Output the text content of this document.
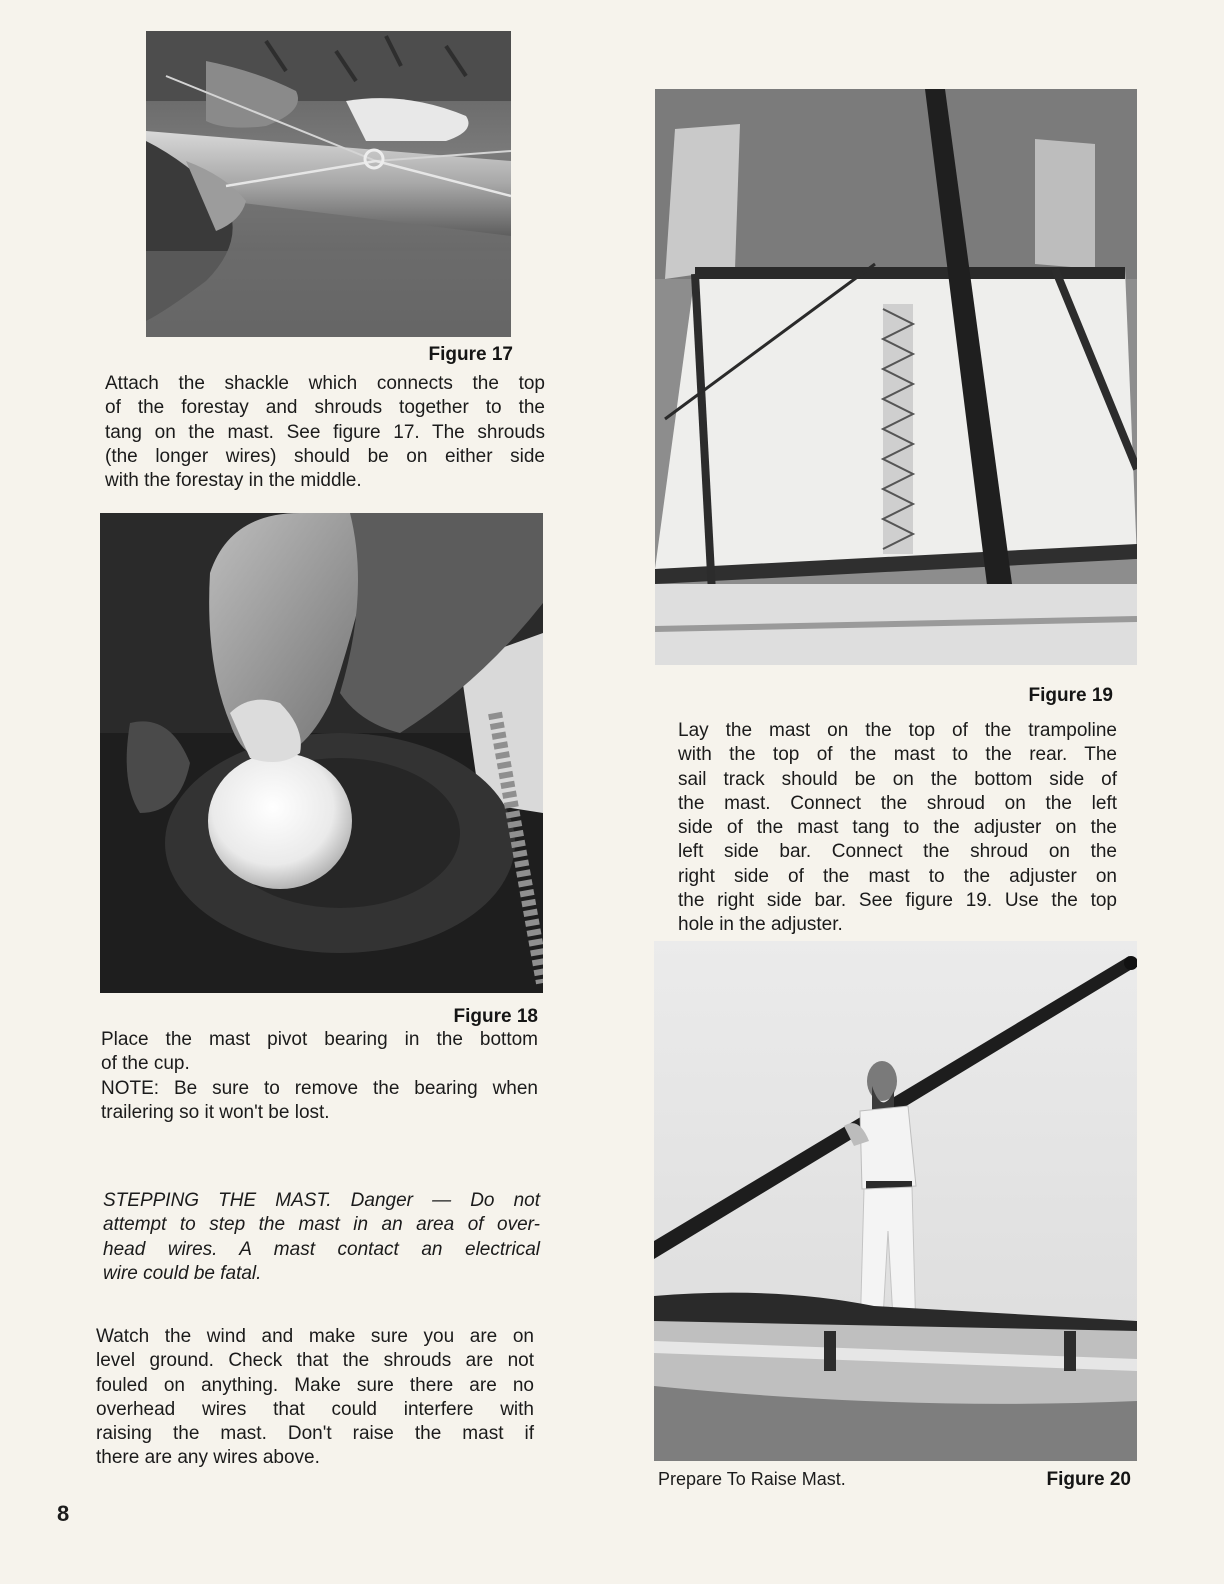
Figure 17
Attach the shackle which connects the top
of the forestay and shrouds together to the
tang on the mast. See figure 17. The shrouds
(the longer wires) should be on either side
with the forestay in the middle.
Figure 18
Place the mast pivot bearing in the bottom
of the cup.
NOTE: Be sure to remove the bearing when
trailering so it won't be lost.
STEPPING THE MAST. Danger — Do not
attempt to step the mast in an area of over-
head wires. A mast contact an electrical
wire could be fatal.
Watch the wind and make sure you are on
level ground. Check that the shrouds are not
fouled on anything. Make sure there are no
overhead wires that could interfere with
raising the mast. Don't raise the mast if
there are any wires above.
Figure 19
Lay the mast on the top of the trampoline
with the top of the mast to the rear. The
sail track should be on the bottom side of
the mast. Connect the shroud on the left
side of the mast tang to the adjuster on the
left side bar. Connect the shroud on the
right side of the mast to the adjuster on
the right side bar. See figure 19. Use the top
hole in the adjuster.
Prepare To Raise Mast.	Figure 20
8
